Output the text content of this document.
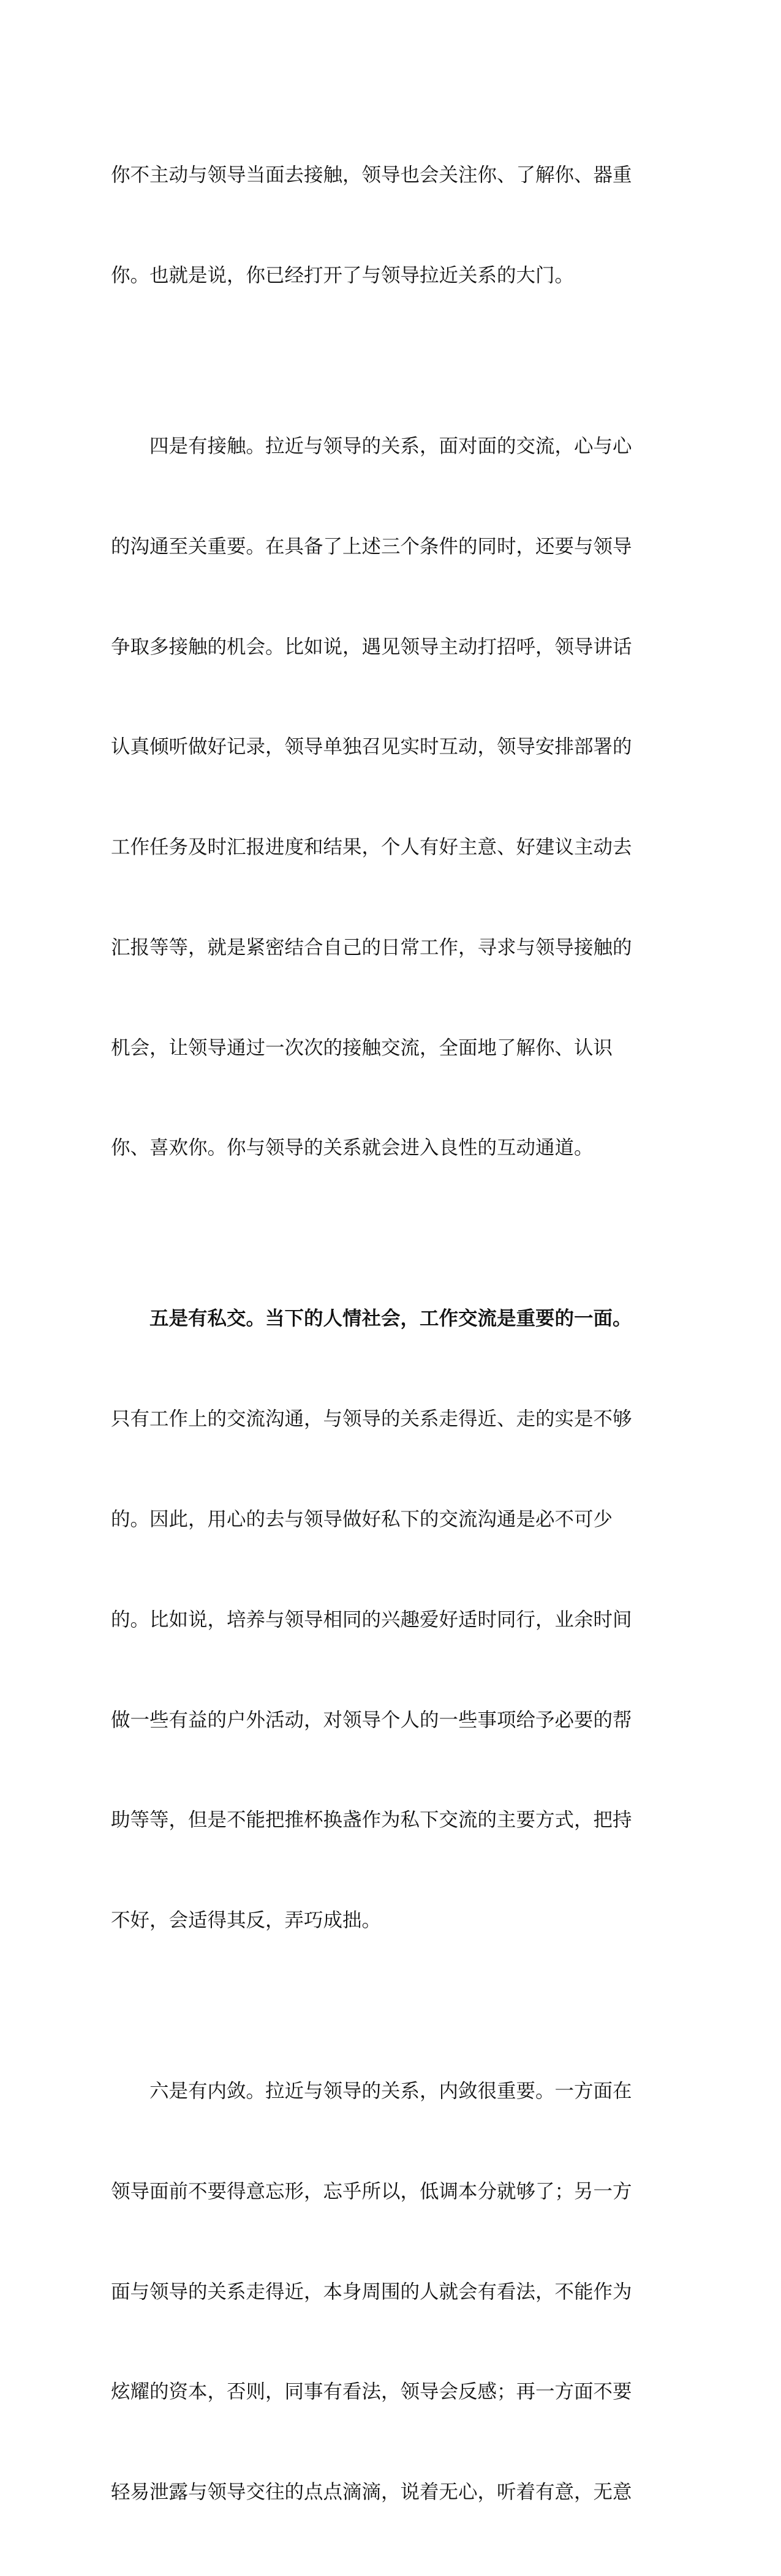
你不主动与领导当面去接触，领导也会关注你、了解你、器重

你。也就是说，你已经打开了与领导拉近关系的大门。

　　四是有接触。拉近与领导的关系，面对面的交流，心与心

的沟通至关重要。在具备了上述三个条件的同时，还要与领导

争取多接触的机会。比如说，遇见领导主动打招呼，领导讲话

认真倾听做好记录，领导单独召见实时互动，领导安排部署的

工作任务及时汇报进度和结果，个人有好主意、好建议主动去

汇报等等，就是紧密结合自己的日常工作，寻求与领导接触的

机会，让领导通过一次次的接触交流，全面地了解你、认识

你、喜欢你。你与领导的关系就会进入良性的互动通道。

　　五是有私交。当下的人情社会，工作交流是重要的一面。

只有工作上的交流沟通，与领导的关系走得近、走的实是不够

的。因此，用心的去与领导做好私下的交流沟通是必不可少

的。比如说，培养与领导相同的兴趣爱好适时同行，业余时间

做一些有益的户外活动，对领导个人的一些事项给予必要的帮

助等等，但是不能把推杯换盏作为私下交流的主要方式，把持

不好，会适得其反，弄巧成拙。

　　六是有内敛。拉近与领导的关系，内敛很重要。一方面在

领导面前不要得意忘形，忘乎所以，低调本分就够了；另一方

面与领导的关系走得近，本身周围的人就会有看法，不能作为

炫耀的资本，否则，同事有看法，领导会反感；再一方面不要

轻易泄露与领导交往的点点滴滴，说着无心，听着有意，无意
